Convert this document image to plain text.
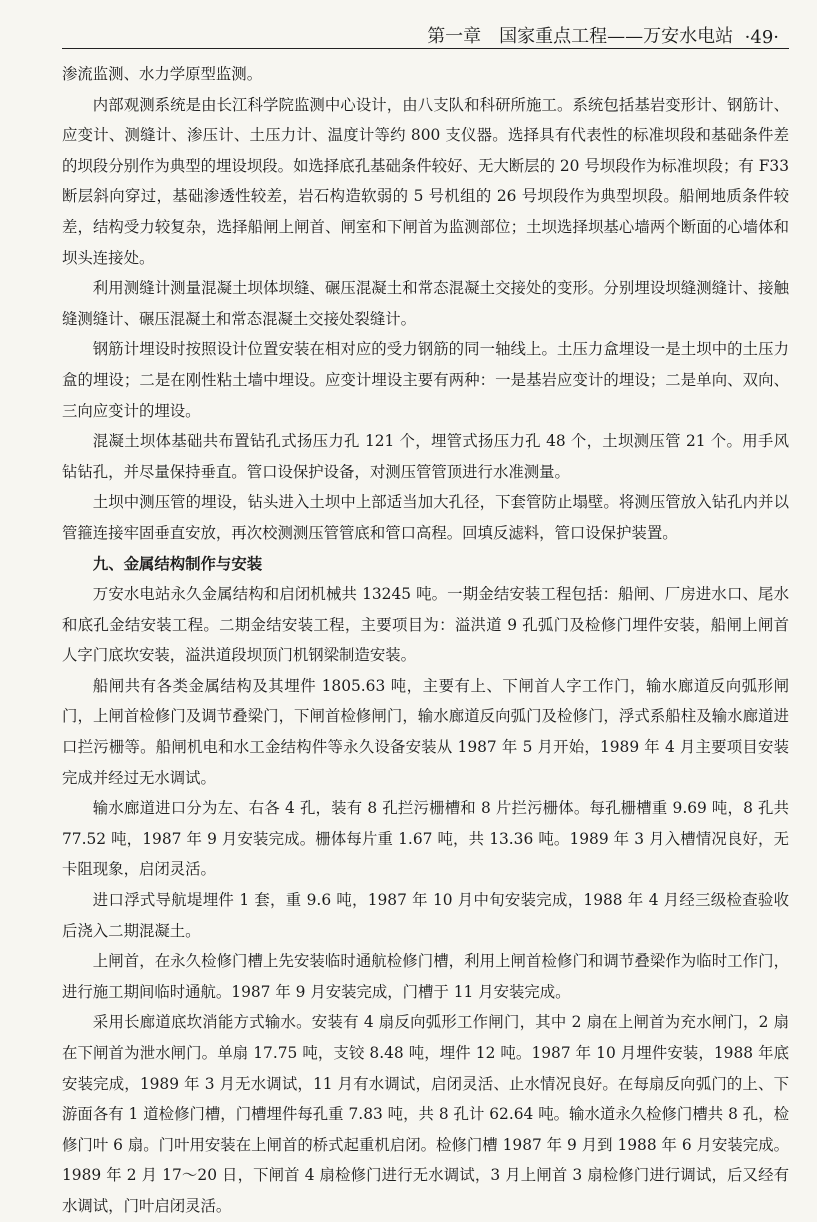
第一章　国家重点工程——万安水电站
·49·

渗流监测、水力学原型监测。

内部观测系统是由长江科学院监测中心设计，由八支队和科研所施工。系统包括基岩变形计、钢筋计、应变计、测缝计、渗压计、土压力计、温度计等约 800 支仪器。选择具有代表性的标准坝段和基础条件差的坝段分别作为典型的埋设坝段。如选择底孔基础条件较好、无大断层的 20 号坝段作为标准坝段；有 F33 断层斜向穿过，基础渗透性较差，岩石构造软弱的 5 号机组的 26 号坝段作为典型坝段。船闸地质条件较差，结构受力较复杂，选择船闸上闸首、闸室和下闸首为监测部位；土坝选择坝基心墙两个断面的心墙体和坝头连接处。

利用测缝计测量混凝土坝体坝缝、碾压混凝土和常态混凝土交接处的变形。分别埋设坝缝测缝计、接触缝测缝计、碾压混凝土和常态混凝土交接处裂缝计。

钢筋计埋设时按照设计位置安装在相对应的受力钢筋的同一轴线上。土压力盒埋设一是土坝中的土压力盒的埋设；二是在刚性粘土墙中埋设。应变计埋设主要有两种：一是基岩应变计的埋设；二是单向、双向、三向应变计的埋设。

混凝土坝体基础共布置钻孔式扬压力孔 121 个，埋管式扬压力孔 48 个，土坝测压管 21 个。用手风钻钻孔，并尽量保持垂直。管口设保护设备，对测压管管顶进行水准测量。

土坝中测压管的埋设，钻头进入土坝中上部适当加大孔径，下套管防止塌壁。将测压管放入钻孔内并以管箍连接牢固垂直安放，再次校测测压管管底和管口高程。回填反滤料，管口设保护装置。

九、金属结构制作与安装

万安水电站永久金属结构和启闭机械共 13245 吨。一期金结安装工程包括：船闸、厂房进水口、尾水和底孔金结安装工程。二期金结安装工程，主要项目为：溢洪道 9 孔弧门及检修门埋件安装，船闸上闸首人字门底坎安装，溢洪道段坝顶门机钢梁制造安装。

船闸共有各类金属结构及其埋件 1805.63 吨，主要有上、下闸首人字工作门，输水廊道反向弧形闸门，上闸首检修门及调节叠梁门，下闸首检修闸门，输水廊道反向弧门及检修门，浮式系船柱及输水廊道进口拦污栅等。船闸机电和水工金结构件等永久设备安装从 1987 年 5 月开始，1989 年 4 月主要项目安装完成并经过无水调试。

输水廊道进口分为左、右各 4 孔，装有 8 孔拦污栅槽和 8 片拦污栅体。每孔栅槽重 9.69 吨，8 孔共 77.52 吨，1987 年 9 月安装完成。栅体每片重 1.67 吨，共 13.36 吨。1989 年 3 月入槽情况良好，无卡阻现象，启闭灵活。

进口浮式导航堤埋件 1 套，重 9.6 吨，1987 年 10 月中旬安装完成，1988 年 4 月经三级检查验收后浇入二期混凝土。

上闸首，在永久检修门槽上先安装临时通航检修门槽，利用上闸首检修门和调节叠梁作为临时工作门，进行施工期间临时通航。1987 年 9 月安装完成，门槽于 11 月安装完成。

采用长廊道底坎消能方式输水。安装有 4 扇反向弧形工作闸门，其中 2 扇在上闸首为充水闸门，2 扇在下闸首为泄水闸门。单扇 17.75 吨，支铰 8.48 吨，埋件 12 吨。1987 年 10 月埋件安装，1988 年底安装完成，1989 年 3 月无水调试，11 月有水调试，启闭灵活、止水情况良好。在每扇反向弧门的上、下游面各有 1 道检修门槽，门槽埋件每孔重 7.83 吨，共 8 孔计 62.64 吨。输水道永久检修门槽共 8 孔，检修门叶 6 扇。门叶用安装在上闸首的桥式起重机启闭。检修门槽 1987 年 9 月到 1988 年 6 月安装完成。1989 年 2 月 17～20 日，下闸首 4 扇检修门进行无水调试，3 月上闸首 3 扇检修门进行调试，后又经有水调试，门叶启闭灵活。
